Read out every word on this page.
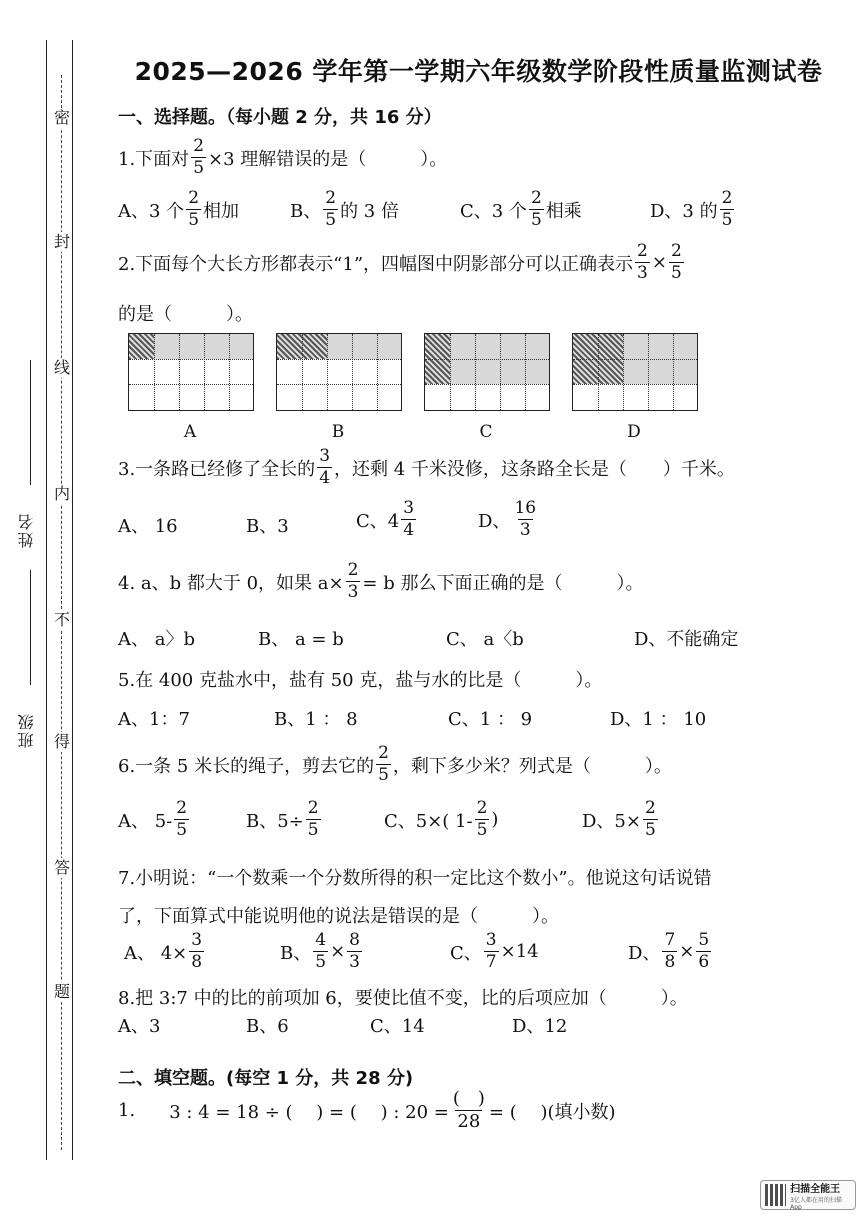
密
封
线
内
不
得
答
题
姓名
班级
2025—2026 学年第一学期六年级数学阶段性质量监测试卷
一、选择题。（每小题 2 分，共 16 分）
1.下面对 $\frac{2}{5} \times 3$ 理解错误的是（　　　）。
A、3 个
2
5 相加	B、
2
5 的 3 倍	C、3 个
2
5 相乘	D、3 的
2
5
2.下面每个大长方形都表示“1”，四幅图中阴影部分可以正确表示 $\frac{2}{3} \times \frac{2}{5}$
的是（　　　）。
A	B	C	D
3.一条路已经修了全长的
3
4 ，还剩 4 千米没修，这条路全长是（　　）千米。
A、 16	B、3	C、4
3
4	D、
16
3
4. a、b 都大于 0，如果 $a\times \frac{2}{3} = b$ 那么下面正确的是（　　　）。
A、 a〉b	B、 a = b	C、 a〈b	D、不能确定
5.在 400 克盐水中，盐有 50 克，盐与水的比是（　　　）。
A、1：7	B、1 ： 8	C、1 ： 9	D、1 ： 10
6.一条 5 米长的绳子，剪去它的
2
5 ，剩下多少米？列式是（　　　）。
A、 5-
2
5	B、$5\div \frac{2}{5}$	C、5×( 1-
2
5 )	D、$5\times \frac{2}{5}$
7.小明说：“一个数乘一个分数所得的积一定比这个数小”。他说这句话说错
了，下面算式中能说明他的说法是错误的是（　　　）。
A、 $4\times \frac{3}{8}$	B、 $\frac{4}{5} \times \frac{8}{3}$	C、 $\frac{3}{7} \times 14$	D、 $\frac{7}{8} \times \frac{5}{6}$
8.把 3:7 中的比的前项加 6，要使比值不变，比的后项应加（　　　）。
A、3	B、6	C、14	D、12
二、填空题。(每空 1 分，共 28 分)
1. 3 : 4 = 18 ÷ (　 ) = (　 ) : 20 =
(　)
28 = (　 )(填小数)
扫描全能王
3亿人都在用的扫描App
